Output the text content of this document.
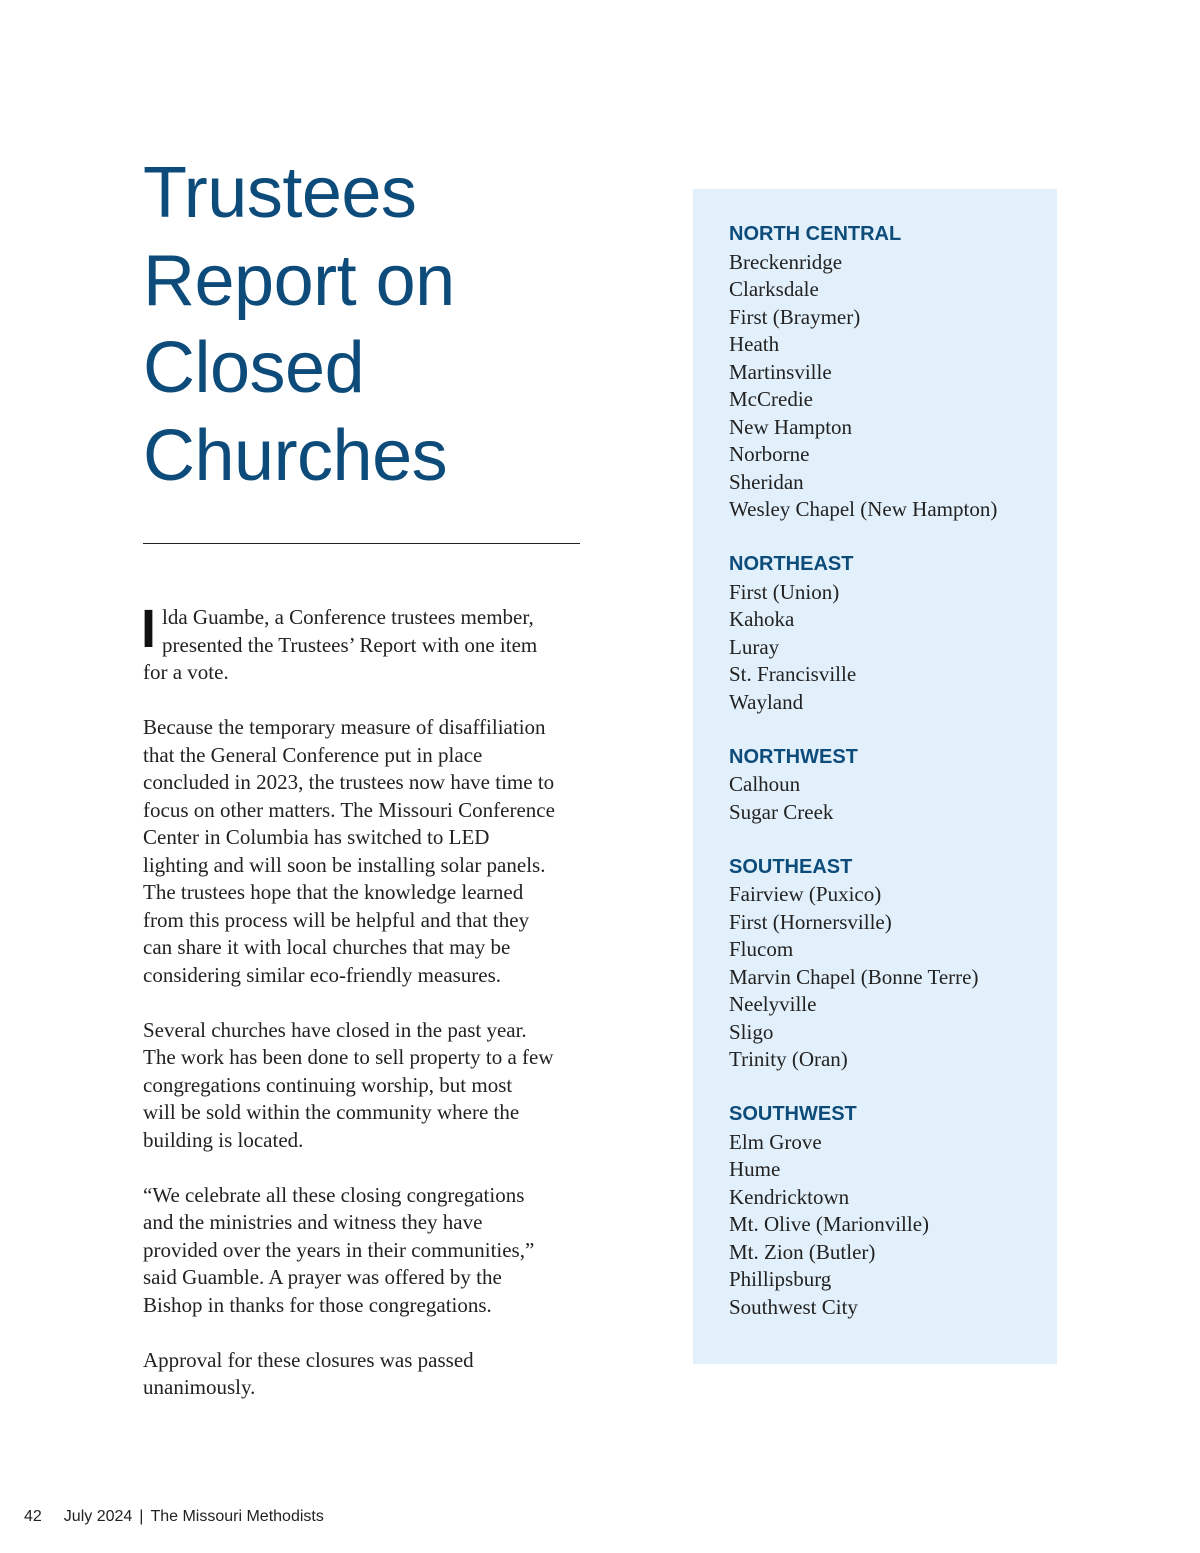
Trustees
Report on
Closed
Churches

I lda Guambe, a Conference trustees member,
presented the Trustees’ Report with one item
for a vote.

Because the temporary measure of disaffiliation
that the General Conference put in place
concluded in 2023, the trustees now have time to
focus on other matters. The Missouri Conference
Center in Columbia has switched to LED
lighting and will soon be installing solar panels.
The trustees hope that the knowledge learned
from this process will be helpful and that they
can share it with local churches that may be
considering similar eco-friendly measures.

Several churches have closed in the past year.
The work has been done to sell property to a few
congregations continuing worship, but most
will be sold within the community where the
building is located.

“We celebrate all these closing congregations
and the ministries and witness they have
provided over the years in their communities,”
said Guamble. A prayer was offered by the
Bishop in thanks for those congregations.

Approval for these closures was passed
unanimously.

NORTH CENTRAL
Breckenridge
Clarksdale
First (Braymer)
Heath
Martinsville
McCredie
New Hampton
Norborne
Sheridan
Wesley Chapel (New Hampton)
NORTHEAST
First (Union)
Kahoka
Luray
St. Francisville
Wayland
NORTHWEST
Calhoun
Sugar Creek
SOUTHEAST
Fairview (Puxico)
First (Hornersville)
Flucom
Marvin Chapel (Bonne Terre)
Neelyville
Sligo
Trinity (Oran)
SOUTHWEST
Elm Grove
Hume
Kendricktown
Mt. Olive (Marionville)
Mt. Zion (Butler)
Phillipsburg
Southwest City
42 July 2024 | The Missouri Methodists
